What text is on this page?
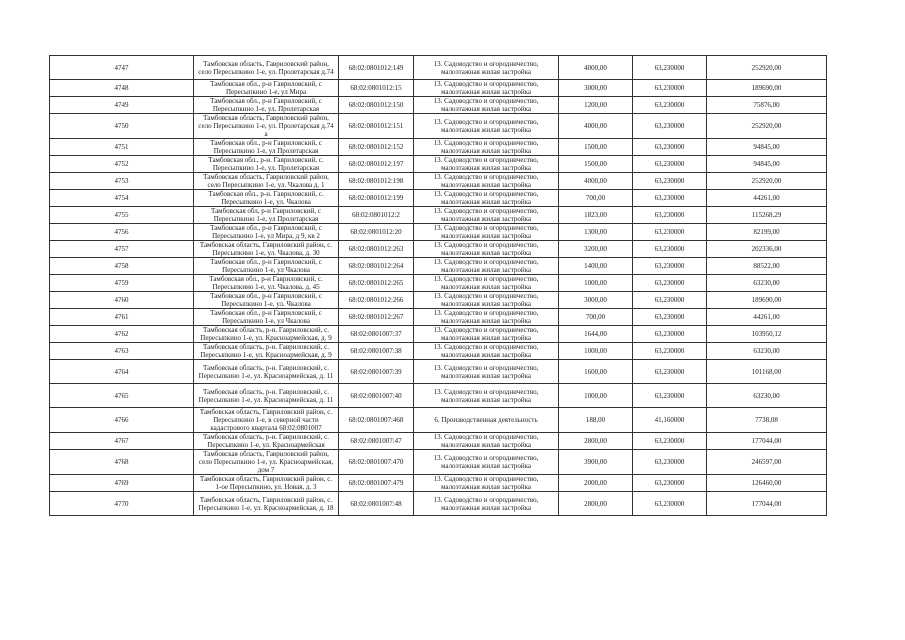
4747	Тамбовская область, Гавриловский район,
село Пересыпкино 1-е, ул. Пролетарская д.74	68:02:0801012:149	13. Садоводство и огородничество,
малоэтажная жилая застройка	4000,00	63,230000	252920,00
4748	Тамбовская обл., р-н Гавриловский, с
Пересыпкино 1-е, ул Мира	68:02:0801012:15	13. Садоводство и огородничество,
малоэтажная жилая застройка	3000,00	63,230000	189690,00
4749	Тамбовская обл., р-н Гавриловский, с
Пересыпкино 1-е, ул. Пролетарская	68:02:0801012:150	13. Садоводство и огородничество,
малоэтажная жилая застройка	1200,00	63,230000	75876,00
4750	Тамбовская область, Гавриловский район,
село Пересыпкино 1-е, ул. Пролетарская д.74
а	68:02:0801012:151	13. Садоводство и огородничество,
малоэтажная жилая застройка	4000,00	63,230000	252920,00
4751	Тамбовская обл., р-н Гавриловский, с
Пересыпкино 1-е, ул Пролетарская	68:02:0801012:152	13. Садоводство и огородничество,
малоэтажная жилая застройка	1500,00	63,230000	94845,00
4752	Тамбовская обл., р-н. Гавриловский, с.
Пересыпкино 1-е, ул. Пролетарская	68:02:0801012:197	13. Садоводство и огородничество,
малоэтажная жилая застройка	1500,00	63,230000	94845,00
4753	Тамбовская область, Гавриловский район,
село Пересыпкино 1-е, ул. Чкалова д. 1	68:02:0801012:198	13. Садоводство и огородничество,
малоэтажная жилая застройка	4000,00	63,230000	252920,00
4754	Тамбовская обл., р-н. Гавриловский, с.
Пересыпкино 1-е, ул. Чкалова	68:02:0801012:199	13. Садоводство и огородничество,
малоэтажная жилая застройка	700,00	63,230000	44261,00
4755	Тамбовская обл, р-н Гавриловский, с
Пересыпкино 1-е, ул Пролетарская	68:02:0801012:2	13. Садоводство и огородничество,
малоэтажная жилая застройка	1823,00	63,230000	115268,29
4756	Тамбовская обл., р-н Гавриловский, с
Пересыпкино 1-е, ул Мира, д 9, кв 2	68:02:0801012:20	13. Садоводство и огородничество,
малоэтажная жилая застройка	1300,00	63,230000	82199,00
4757	Тамбовская область, Гавриловский район, с.
Пересыпкино 1-е, ул. Чкалова, д. 30	68:02:0801012:263	13. Садоводство и огородничество,
малоэтажная жилая застройка	3200,00	63,230000	202336,00
4758	Тамбовская обл., р-н Гавриловский, с
Пересыпкино 1-е, ул Чкалова	68:02:0801012:264	13. Садоводство и огородничество,
малоэтажная жилая застройка	1400,00	63,230000	88522,00
4759	Тамбовская обл., р-н Гавриловский, с.
Пересыпкино 1-е, ул. Чкалова, д. 45	68:02:0801012:265	13. Садоводство и огородничество,
малоэтажная жилая застройка	1000,00	63,230000	63230,00
4760	Тамбовская обл., р-н Гавриловский, с
Пересыпкино 1-е, ул. Чкалова	68:02:0801012:266	13. Садоводство и огородничество,
малоэтажная жилая застройка	3000,00	63,230000	189690,00
4761	Тамбовская обл., р-н Гавриловский, с
Пересыпкино 1-е, ул Чкалова	68:02:0801012:267	13. Садоводство и огородничество,
малоэтажная жилая застройка	700,00	63,230000	44261,00
4762	Тамбовская область, р-н. Гавриловский, с.
Пересыпкино 1-е, ул. Красноармейская, д. 9	68:02:0801007:37	13. Садоводство и огородничество,
малоэтажная жилая застройка	1644,00	63,230000	103950,12
4763	Тамбовская область, р-н. Гавриловский, с.
Пересыпкино 1-е, ул. Красноармейская, д. 9	68:02:0801007:38	13. Садоводство и огородничество,
малоэтажная жилая застройка	1000,00	63,230000	63230,00
4764	Тамбовская область, р-н. Гавриловский, с.
Пересыпкино 1-е, ул. Красноармейская, д. 11	68:02:0801007:39	13. Садоводство и огородничество,
малоэтажная жилая застройка	1600,00	63,230000	101168,00
4765	Тамбовская область, р-н. Гавриловский, с.
Пересыпкино 1-е, ул. Красноармейская, д. 11	68:02:0801007:40	13. Садоводство и огородничество,
малоэтажная жилая застройка	1000,00	63,230000	63230,00
4766	Тамбовская область, Гавриловский район, с.
Пересыпкино 1-е, в северной части
кадастрового квартала 68:02:0801007	68:02:0801007:468	6. Производственная деятельность	188,00	41,160000	7738,08
4767	Тамбовская область, р-н. Гавриловский, с.
Пересыпкино 1-е, ул. Красноармейская	68:02:0801007:47	13. Садоводство и огородничество,
малоэтажная жилая застройка	2800,00	63,230000	177044,00
4768	Тамбовская область, Гавриловский район,
село Пересыпкино 1-е, ул. Красноармейская,
дом 7	68:02:0801007:470	13. Садоводство и огородничество,
малоэтажная жилая застройка	3900,00	63,230000	246597,00
4769	Тамбовская область, Гавриловский район, с.
1-ое Пересыпкино, ул. Новая, д. 3	68:02:0801007:479	13. Садоводство и огородничество,
малоэтажная жилая застройка	2000,00	63,230000	126460,00
4770	Тамбовская область, Гавриловский район, с.
Пересыпкино 1-е, ул. Красноармейская, д. 18	68:02:0801007:48	13. Садоводство и огородничество,
малоэтажная жилая застройка	2800,00	63,230000	177044,00
